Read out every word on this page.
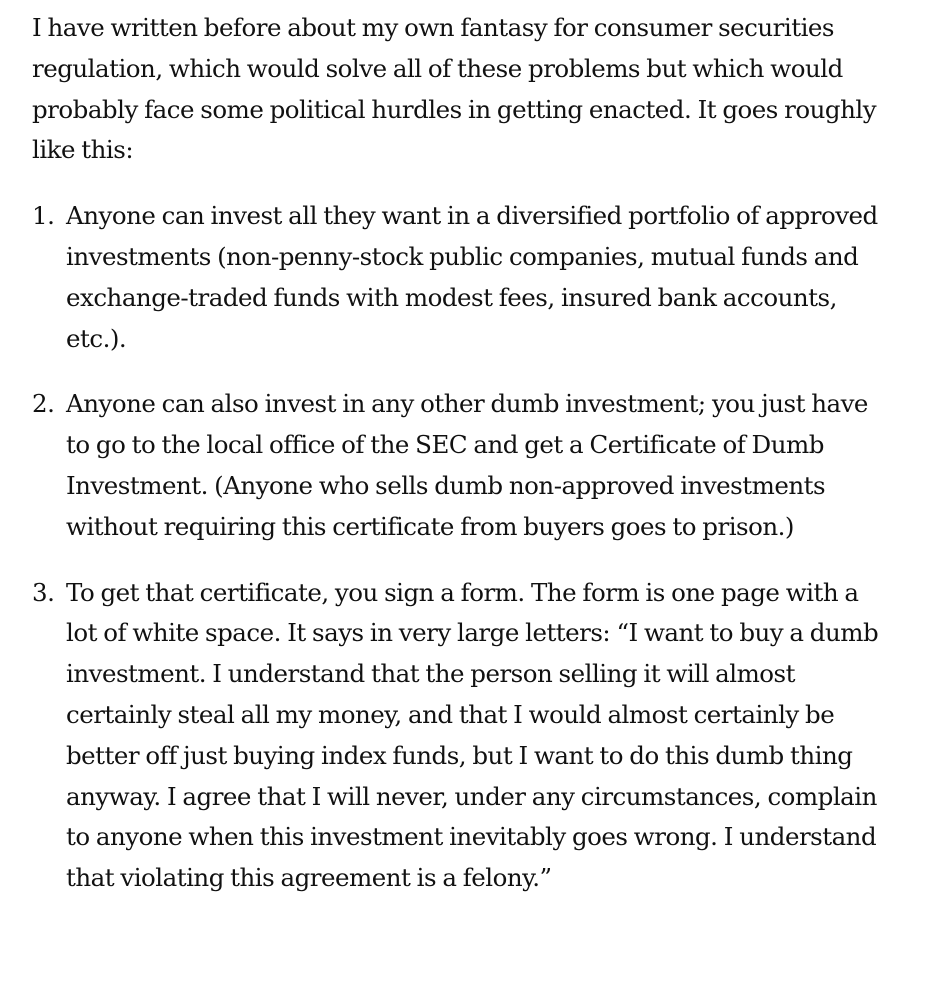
I have written before about my own fantasy for consumer securities regulation, which would solve all of these problems but which would probably face some political hurdles in getting enacted. It goes roughly like this:

1. Anyone can invest all they want in a diversified portfolio of approved investments (non-penny-stock public companies, mutual funds and exchange-traded funds with modest fees, insured bank accounts, etc.).
2. Anyone can also invest in any other dumb investment; you just have to go to the local office of the SEC and get a Certificate of Dumb Investment. (Anyone who sells dumb non-approved investments without requiring this certificate from buyers goes to prison.)
3. To get that certificate, you sign a form. The form is one page with a lot of white space. It says in very large letters: “I want to buy a dumb investment. I understand that the person selling it will almost certainly steal all my money, and that I would almost certainly be better off just buying index funds, but I want to do this dumb thing anyway. I agree that I will never, under any circumstances, complain to anyone when this investment inevitably goes wrong. I understand that violating this agreement is a felony.”
